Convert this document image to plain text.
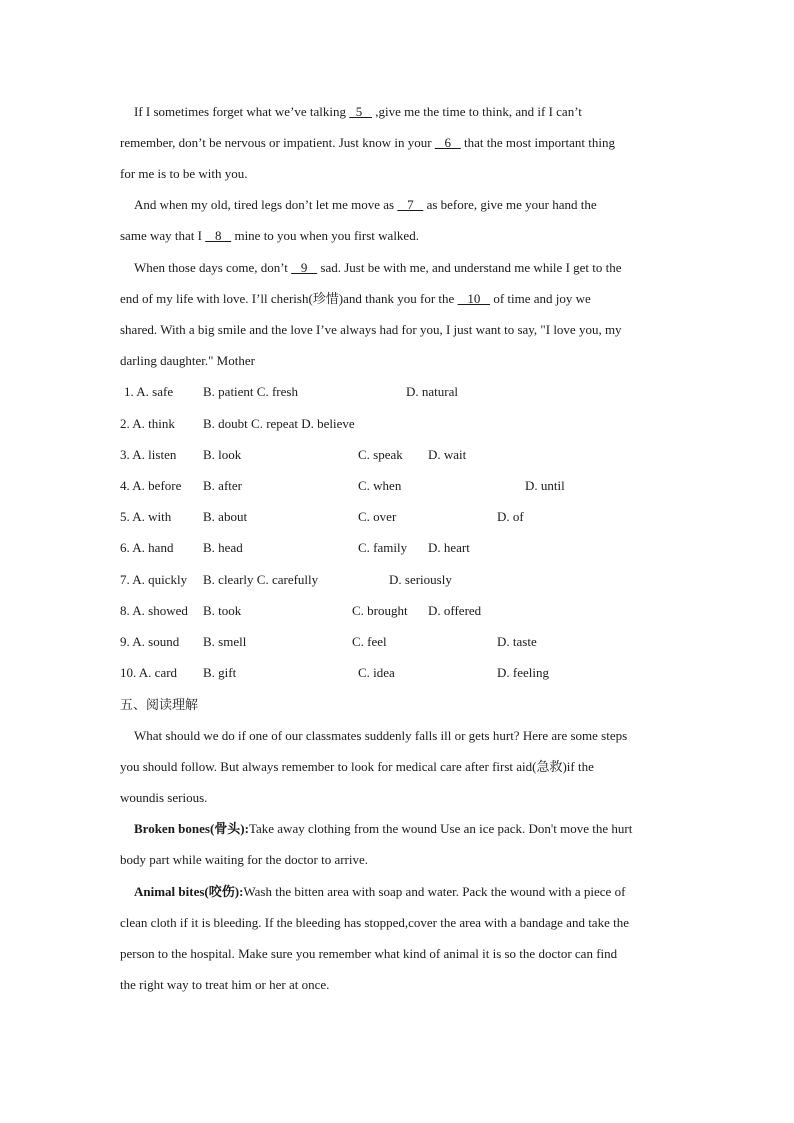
If I sometimes forget what we’ve talking   5    ,give me the time to think, and if I can’t
remember, don’t be nervous or impatient. Just know in your    6    that the most important thing
for me is to be with you.
And when my old, tired legs don’t let me move as    7    as before, give me your hand the
same way that I    8    mine to you when you first walked.
When those days come, don’t    9    sad. Just be with me, and understand me while I get to the
end of my life with love. I’ll cherish(珍惜)and thank you for the    10    of time and joy we
shared. With a big smile and the love I’ve always had for you, I just want to say, "I love you, my
darling daughter." Mother
1. A. safe B. patient C. fresh	D. natural
2. A. think B. doubt C. repeat D. believe
3. A. listen B. look	C. speak D. wait
4. A. before B. after	C. when	D. until
5. A. with B. about	C. over	D. of
6. A. hand B. head	C. family D. heart
7. A. quickly B. clearly C. carefully	D. seriously
8. A. showed B. took	C. brought D. offered
9. A. sound B. smell	C. feel	D. taste
10. A. card B. gift	C. idea	D. feeling
五、阅读理解
What should we do if one of our classmates suddenly falls ill or gets hurt? Here are some steps
you should follow. But always remember to look for medical care after first aid(急救)if the
woundis serious.
Broken bones(骨头):Take away clothing from the wound Use an ice pack. Don't move the hurt
body part while waiting for the doctor to arrive.
Animal bites(咬伤):Wash the bitten area with soap and water. Pack the wound with a piece of
clean cloth if it is bleeding. If the bleeding has stopped,cover the area with a bandage and take the
person to the hospital. Make sure you remember what kind of animal it is so the doctor can find
the right way to treat him or her at once.
